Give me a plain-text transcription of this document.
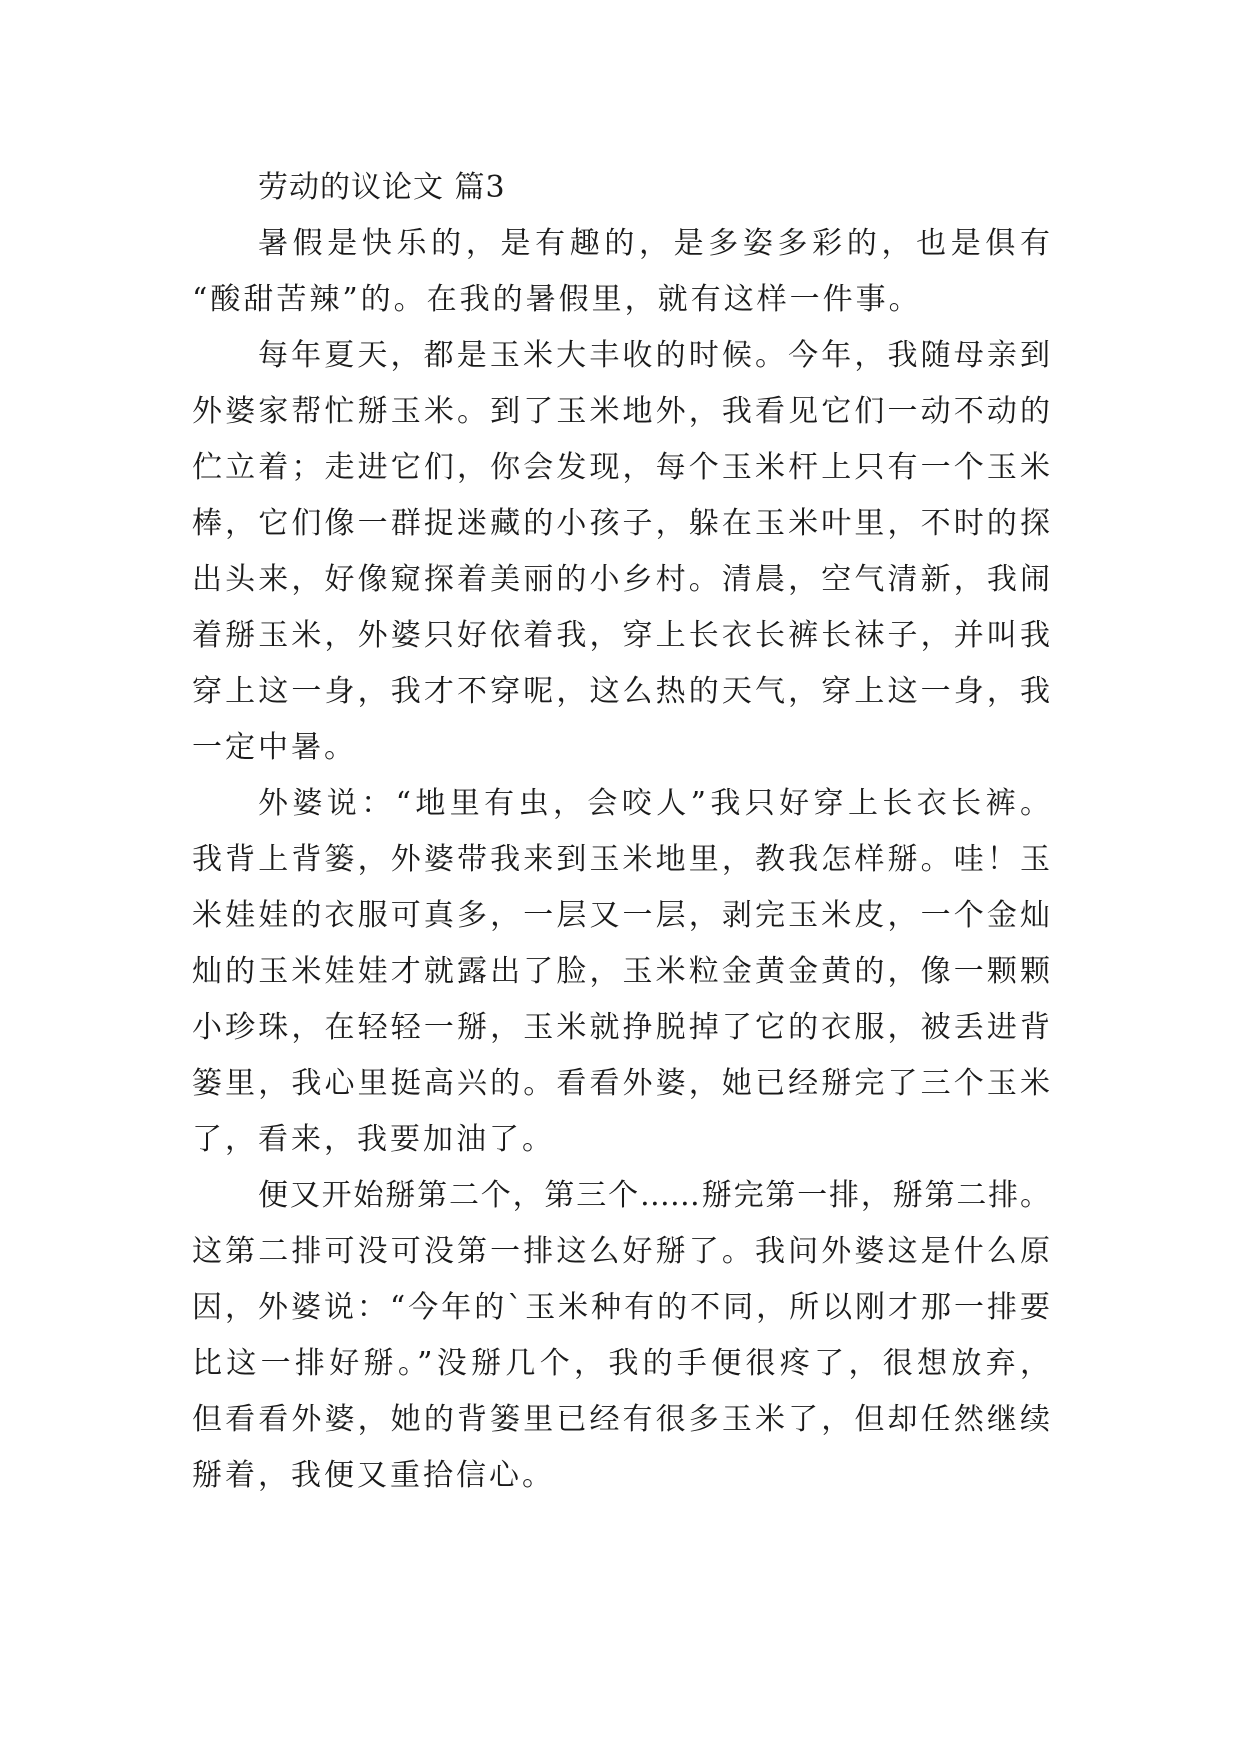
劳动的议论文 篇3
暑假是快乐的，是有趣的，是多姿多彩的，也是俱有
“酸甜苦辣”的。在我的暑假里，就有这样一件事。
每年夏天，都是玉米大丰收的时候。今年，我随母亲到
外婆家帮忙掰玉米。到了玉米地外，我看见它们一动不动的
伫立着；走进它们，你会发现，每个玉米杆上只有一个玉米
棒，它们像一群捉迷藏的小孩子，躲在玉米叶里，不时的探
出头来，好像窥探着美丽的小乡村。清晨，空气清新，我闹
着掰玉米，外婆只好依着我，穿上长衣长裤长袜子，并叫我
穿上这一身，我才不穿呢，这么热的天气，穿上这一身，我
一定中暑。
外婆说：“地里有虫，会咬人”我只好穿上长衣长裤。
我背上背篓，外婆带我来到玉米地里，教我怎样掰。哇！玉
米娃娃的衣服可真多，一层又一层，剥完玉米皮，一个金灿
灿的玉米娃娃才就露出了脸，玉米粒金黄金黄的，像一颗颗
小珍珠，在轻轻一掰，玉米就挣脱掉了它的衣服，被丢进背
篓里，我心里挺高兴的。看看外婆，她已经掰完了三个玉米
了，看来，我要加油了。
便又开始掰第二个，第三个……掰完第一排，掰第二排。
这第二排可没可没第一排这么好掰了。我问外婆这是什么原
因，外婆说：“今年的`玉米种有的不同，所以刚才那一排要
比这一排好掰。”没掰几个，我的手便很疼了，很想放弃，
但看看外婆，她的背篓里已经有很多玉米了，但却任然继续
掰着，我便又重拾信心。
